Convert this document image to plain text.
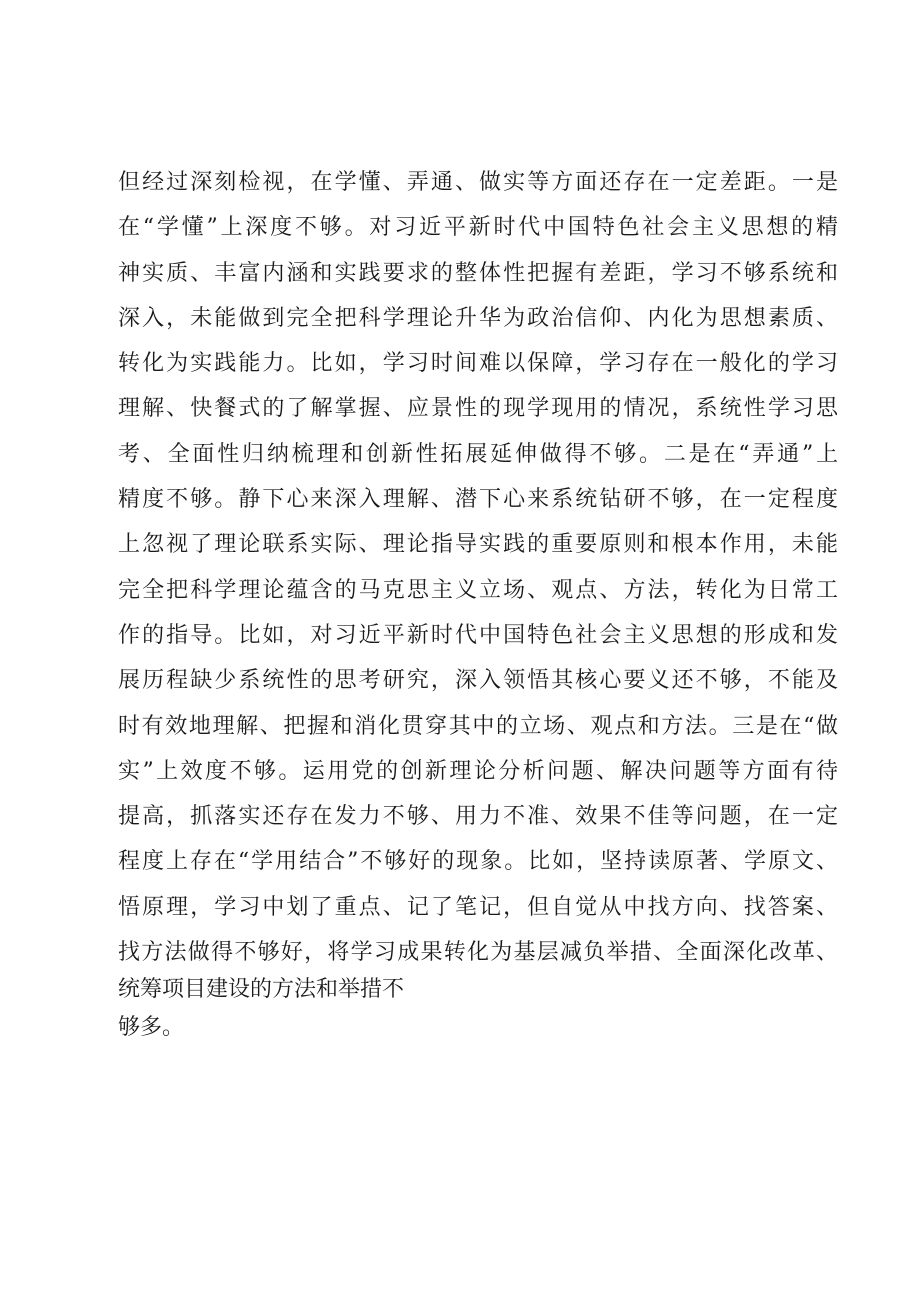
但经过深刻检视，在学懂、弄通、做实等方面还存在一定差距。一是
在“学懂”上深度不够。对习近平新时代中国特色社会主义思想的精
神实质、丰富内涵和实践要求的整体性把握有差距，学习不够系统和
深入，未能做到完全把科学理论升华为政治信仰、内化为思想素质、
转化为实践能力。比如，学习时间难以保障，学习存在一般化的学习
理解、快餐式的了解掌握、应景性的现学现用的情况，系统性学习思
考、全面性归纳梳理和创新性拓展延伸做得不够。二是在“弄通”上
精度不够。静下心来深入理解、潜下心来系统钻研不够，在一定程度
上忽视了理论联系实际、理论指导实践的重要原则和根本作用，未能
完全把科学理论蕴含的马克思主义立场、观点、方法，转化为日常工
作的指导。比如，对习近平新时代中国特色社会主义思想的形成和发
展历程缺少系统性的思考研究，深入领悟其核心要义还不够，不能及
时有效地理解、把握和消化贯穿其中的立场、观点和方法。三是在“做
实”上效度不够。运用党的创新理论分析问题、解决问题等方面有待
提高，抓落实还存在发力不够、用力不准、效果不佳等问题，在一定
程度上存在“学用结合”不够好的现象。比如，坚持读原著、学原文、
悟原理，学习中划了重点、记了笔记，但自觉从中找方向、找答案、
找方法做得不够好，将学习成果转化为基层减负举措、全面深化改革、
统筹项目建设的方法和举措不
够多。
